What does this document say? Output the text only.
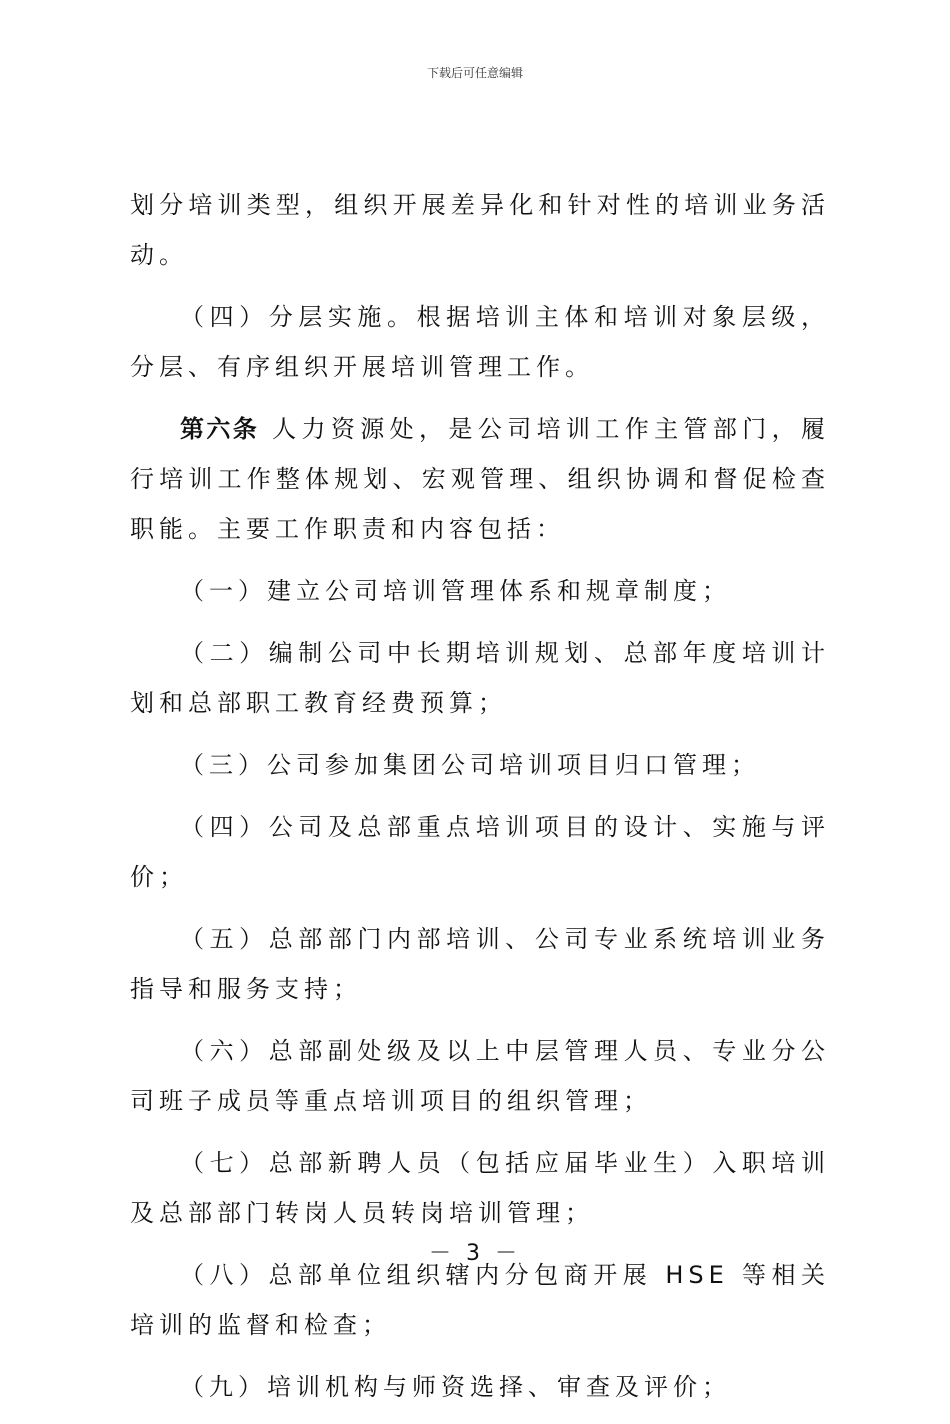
下载后可任意编辑

划分培训类型，组织开展差异化和针对性的培训业务活动。

（四）分层实施。根据培训主体和培训对象层级，分层、有序组织开展培训管理工作。

第六条 人力资源处，是公司培训工作主管部门，履行培训工作整体规划、宏观管理、组织协调和督促检查职能。主要工作职责和内容包括：

（一）建立公司培训管理体系和规章制度；

（二）编制公司中长期培训规划、总部年度培训计划和总部职工教育经费预算；

（三）公司参加集团公司培训项目归口管理；

（四）公司及总部重点培训项目的设计、实施与评价；

（五）总部部门内部培训、公司专业系统培训业务指导和服务支持；

（六）总部副处级及以上中层管理人员、专业分公司班子成员等重点培训项目的组织管理；

（七）总部新聘人员（包括应届毕业生）入职培训及总部部门转岗人员转岗培训管理；

（八）总部单位组织辖内分包商开展 HSE 等相关培训的监督和检查；

（九）培训机构与师资选择、审查及评价；

－ 3 －
